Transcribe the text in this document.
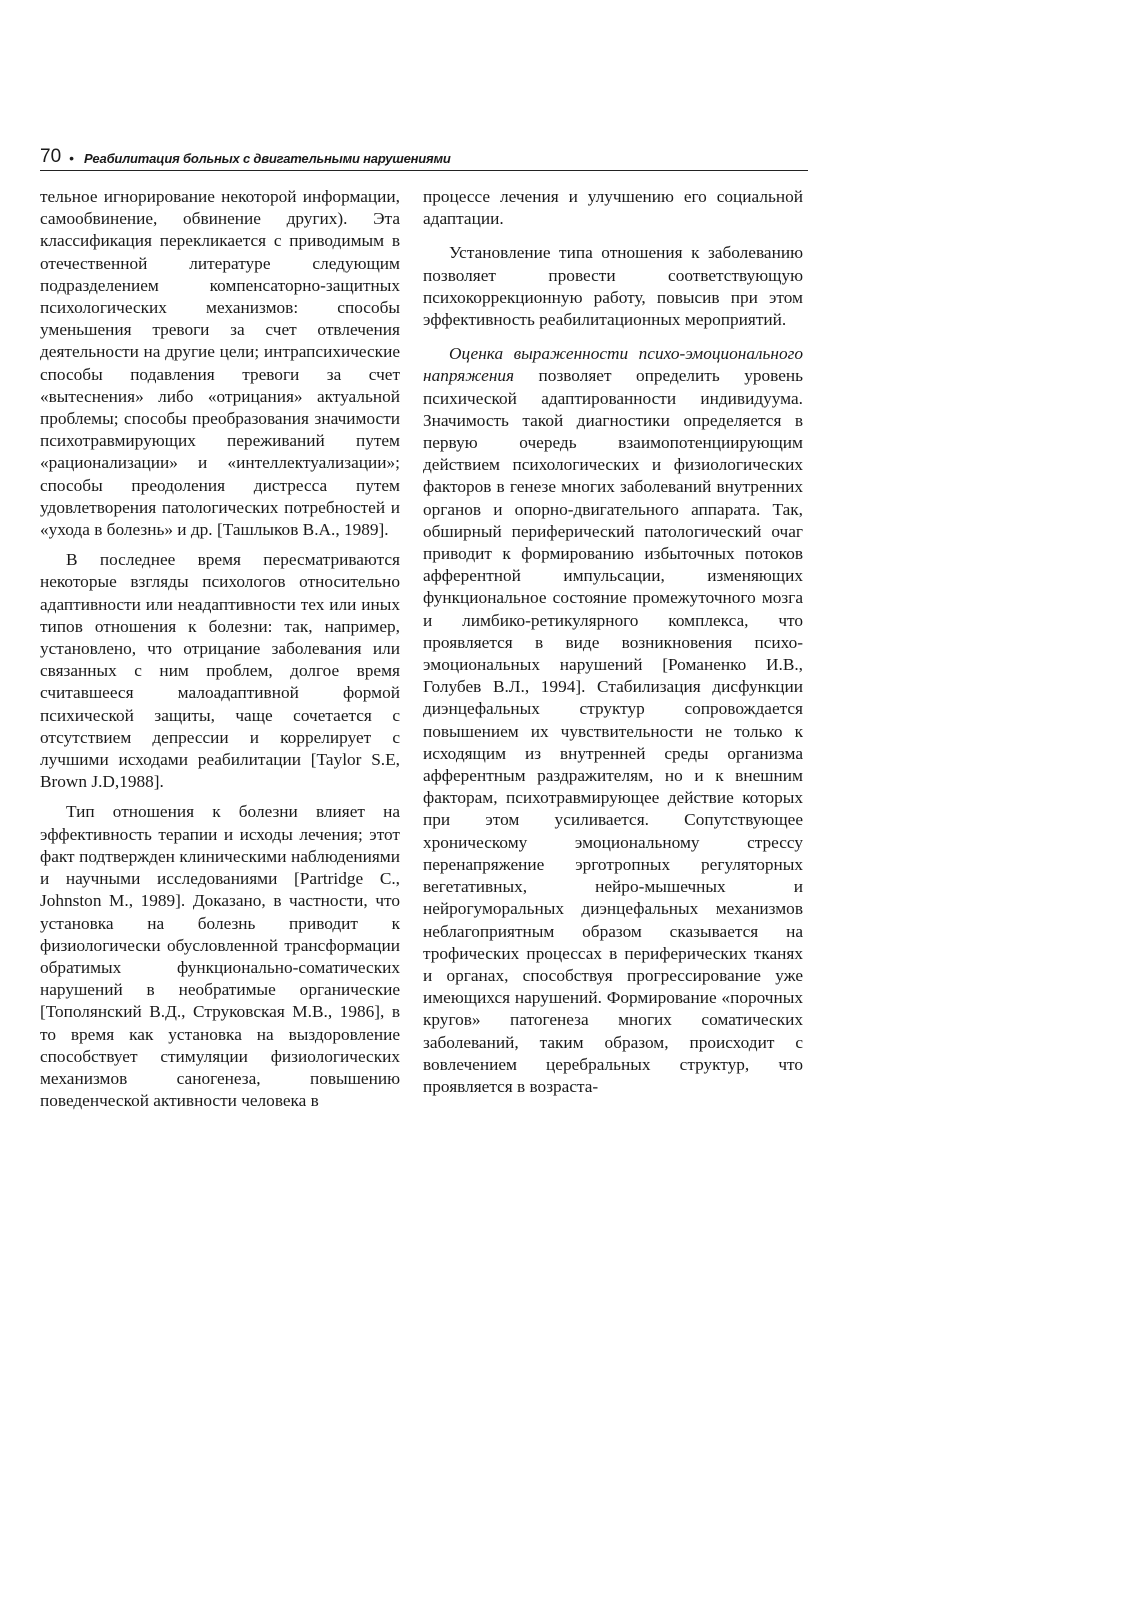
70 • Реабилитация больных с двигательными нарушениями

тельное игнорирование некоторой информации, самообвинение, обвинение других). Эта классификация перекликается с приводимым в отечественной литературе следующим подразделением компенсаторно-защитных психологических механизмов: способы уменьшения тревоги за счет отвлечения деятельности на другие цели; интрапсихические способы подавления тревоги за счет «вытеснения» либо «отрицания» актуальной проблемы; способы преобразования значимости психотравмирующих переживаний путем «рационализации» и «интеллектуализации»; способы преодоления дистресса путем удовлетворения патологических потребностей и «ухода в болезнь» и др. [Ташлыков В.А., 1989].

В последнее время пересматриваются некоторые взгляды психологов относительно адаптивности или неадаптивности тех или иных типов отношения к болезни: так, например, установлено, что отрицание заболевания или связанных с ним проблем, долгое время считавшееся малоадаптивной формой психической защиты, чаще сочетается с отсутствием депрессии и коррелирует с лучшими исходами реабилитации [Taylor S.E, Brown J.D,1988].

Тип отношения к болезни влияет на эффективность терапии и исходы лечения; этот факт подтвержден клиническими наблюдениями и научными исследованиями [Partridge C., Johnston M., 1989]. Доказано, в частности, что установка на болезнь приводит к физиологически обусловленной трансформации обратимых функционально-соматических нарушений в необратимые органические [Тополянский В.Д., Струковская М.В., 1986], в то время как установка на выздоровление способствует стимуляции физиологических механизмов саногенеза, повышению поведенческой активности человека в

процессе лечения и улучшению его социальной адаптации.

Установление типа отношения к заболеванию позволяет провести соответствующую психокоррекционную работу, повысив при этом эффективность реабилитационных мероприятий.

Оценка выраженности психо-эмоционального напряжения позволяет определить уровень психической адаптированности индивидуума. Значимость такой диагностики определяется в первую очередь взаимопотенциирующим действием психологических и физиологических факторов в генезе многих заболеваний внутренних органов и опорно-двигательного аппарата. Так, обширный периферический патологический очаг приводит к формированию избыточных потоков афферентной импульсации, изменяющих функциональное состояние промежуточного мозга и лимбико-ретикулярного комплекса, что проявляется в виде возникновения психо-эмоциональных нарушений [Романенко И.В., Голубев В.Л., 1994]. Стабилизация дисфункции диэнцефальных структур сопровождается повышением их чувствительности не только к исходящим из внутренней среды организма афферентным раздражителям, но и к внешним факторам, психотравмирующее действие которых при этом усиливается. Сопутствующее хроническому эмоциональному стрессу перенапряжение эрготропных регуляторных вегетативных, нейро-мышечных и нейрогуморальных диэнцефальных механизмов неблагоприятным образом сказывается на трофических процессах в периферических тканях и органах, способствуя прогрессирование уже имеющихся нарушений. Формирование «порочных кругов» патогенеза многих соматических заболеваний, таким образом, происходит с вовлечением церебральных структур, что проявляется в возраста-
